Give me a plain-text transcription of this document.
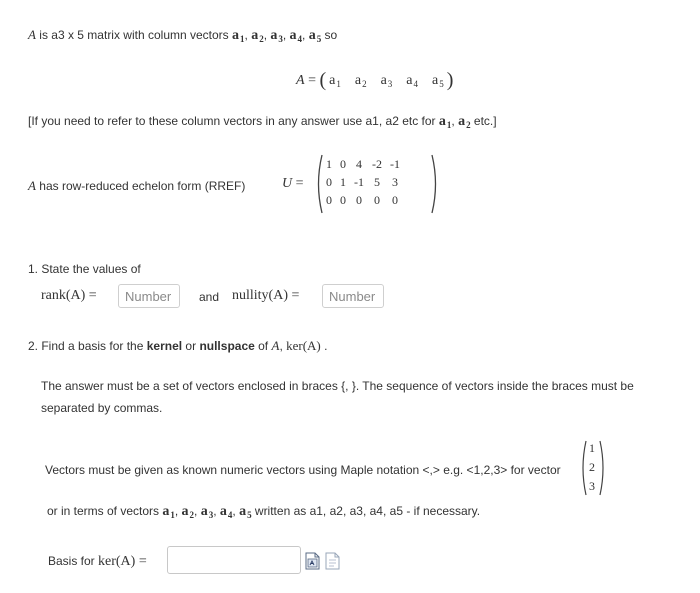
A is a3 x 5 matrix with column vectors $a_1$, $a_2$, $a_3$, $a_4$, $a_5$ so
A = ( $a_1$ $a_2$ $a_3$ $a_4$ $a_5$ )
[If you need to refer to these column vectors in any answer use a1, a2 etc for $a_1$, $a_2$ etc.]
A has row-reduced echelon form (RREF)	U =
1	0	4	-2	-1
0	1	-1	5	3
0	0	0	0	0
1. State the values of
rank(A) =	Number	and nullity(A) =	Number
2. Find a basis for the kernel or nullspace of A, ker(A) .
The answer must be a set of vectors enclosed in braces {, }. The sequence of vectors inside the braces must be
separated by commas.
Vectors must be given as known numeric vectors using Maple notation <,> e.g. <1,2,3> for vector
1
2
3
or in terms of vectors $a_1$, $a_2$, $a_3$, $a_4$, $a_5$ written as a1, a2, a3, a4, a5 - if necessary.
Basis for ker(A) =
